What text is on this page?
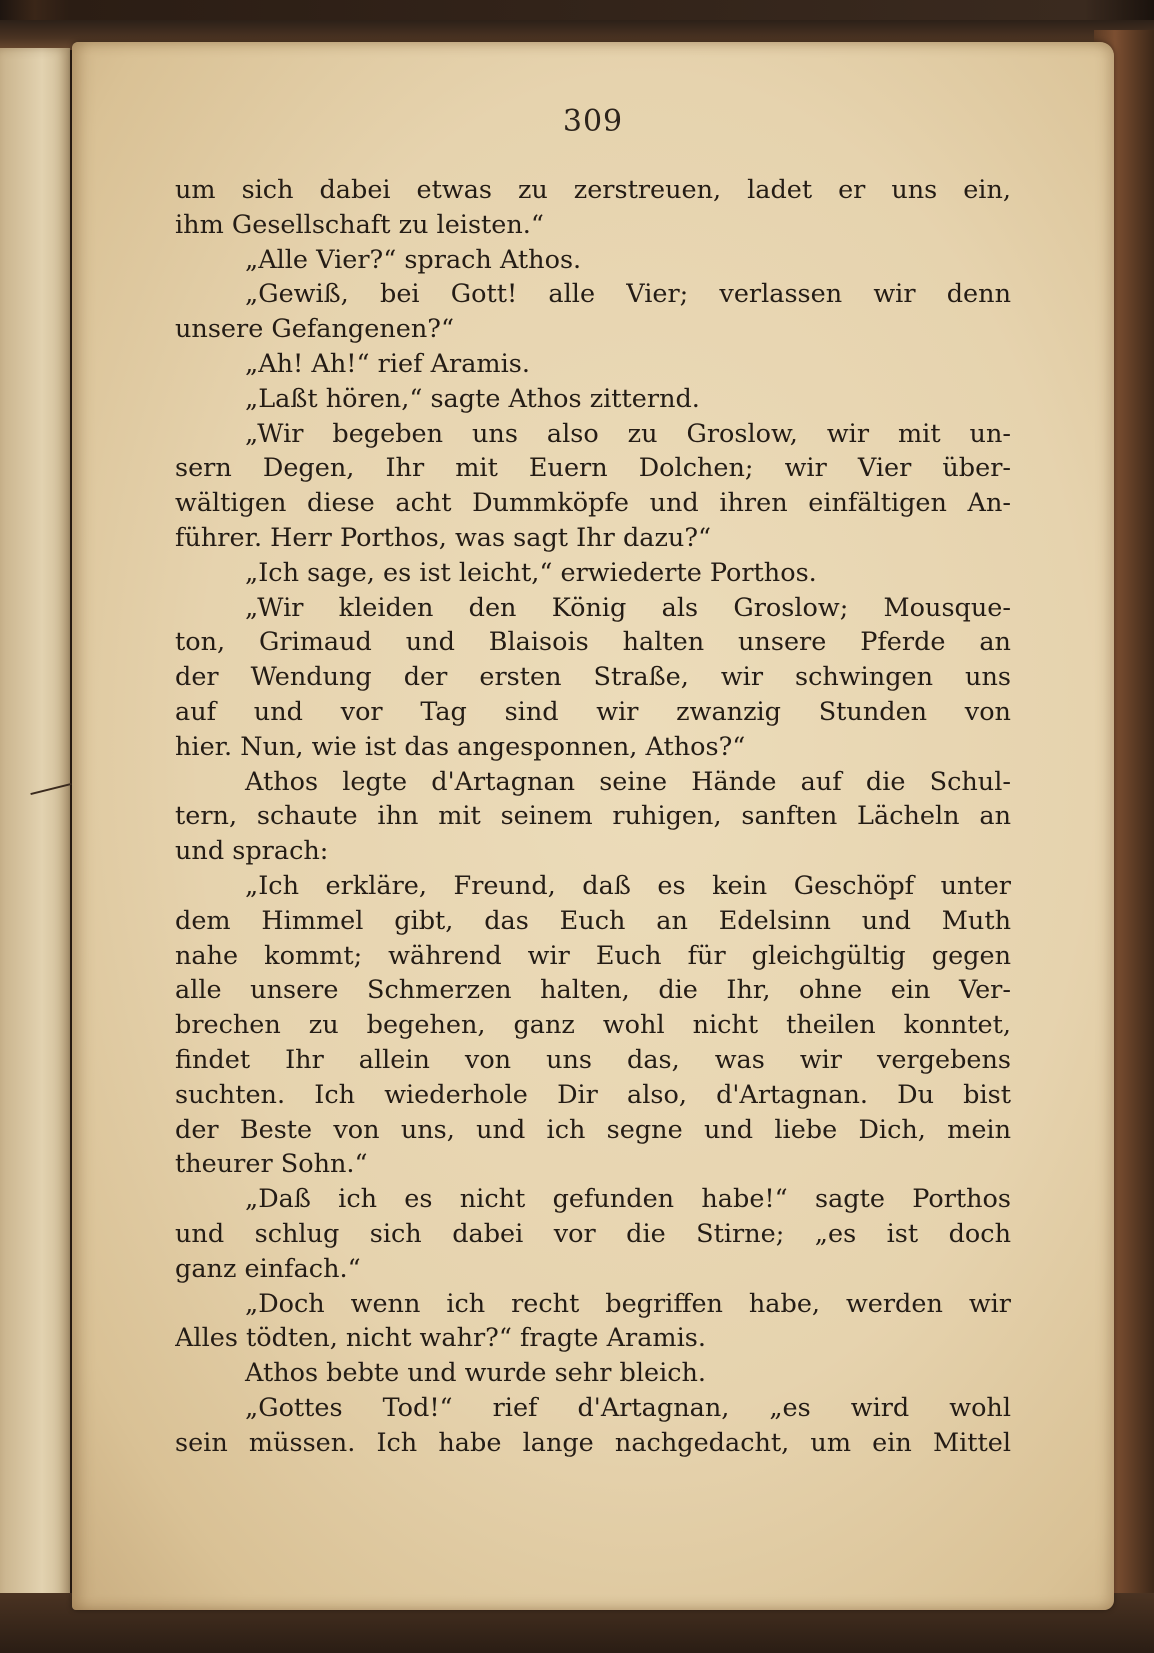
309
um sich dabei etwas zu zerstreuen, ladet er uns ein,
ihm Gesellschaft zu leisten.“
„Alle Vier?“ sprach Athos.
„Gewiß, bei Gott! alle Vier; verlassen wir denn
unsere Gefangenen?“
„Ah! Ah!“ rief Aramis.
„Laßt hören,“ sagte Athos zitternd.
„Wir begeben uns also zu Groslow, wir mit un-
sern Degen, Ihr mit Euern Dolchen; wir Vier über-
wältigen diese acht Dummköpfe und ihren einfältigen An-
führer. Herr Porthos, was sagt Ihr dazu?“
„Ich sage, es ist leicht,“ erwiederte Porthos.
„Wir kleiden den König als Groslow; Mousque-
ton, Grimaud und Blaisois halten unsere Pferde an
der Wendung der ersten Straße, wir schwingen uns
auf und vor Tag sind wir zwanzig Stunden von
hier. Nun, wie ist das angesponnen, Athos?“
Athos legte d'Artagnan seine Hände auf die Schul-
tern, schaute ihn mit seinem ruhigen, sanften Lächeln an
und sprach:
„Ich erkläre, Freund, daß es kein Geschöpf unter
dem Himmel gibt, das Euch an Edelsinn und Muth
nahe kommt; während wir Euch für gleichgültig gegen
alle unsere Schmerzen halten, die Ihr, ohne ein Ver-
brechen zu begehen, ganz wohl nicht theilen konntet,
findet Ihr allein von uns das, was wir vergebens
suchten. Ich wiederhole Dir also, d'Artagnan. Du bist
der Beste von uns, und ich segne und liebe Dich, mein
theurer Sohn.“
„Daß ich es nicht gefunden habe!“ sagte Porthos
und schlug sich dabei vor die Stirne; „es ist doch
ganz einfach.“
„Doch wenn ich recht begriffen habe, werden wir
Alles tödten, nicht wahr?“ fragte Aramis.
Athos bebte und wurde sehr bleich.
„Gottes Tod!“ rief d'Artagnan, „es wird wohl
sein müssen. Ich habe lange nachgedacht, um ein Mittel
